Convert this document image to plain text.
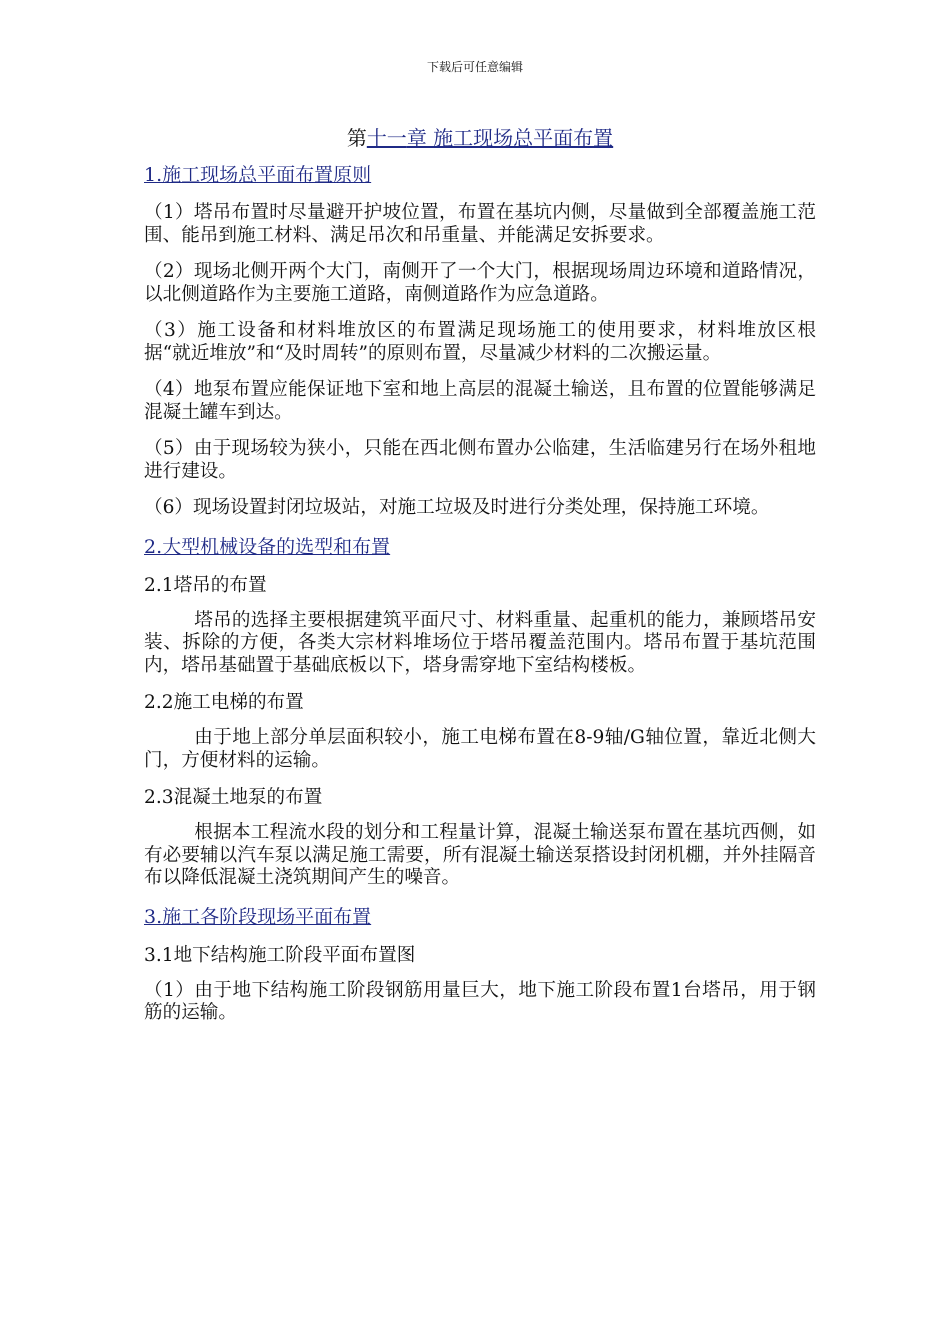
下载后可任意编辑
第十一章 施工现场总平面布置
1.施工现场总平面布置原则

（1）塔吊布置时尽量避开护坡位置，布置在基坑内侧，尽量做到全部覆盖施工范围、能吊到施工材料、满足吊次和吊重量、并能满足安拆要求。

（2）现场北侧开两个大门，南侧开了一个大门，根据现场周边环境和道路情况，以北侧道路作为主要施工道路，南侧道路作为应急道路。

（3）施工设备和材料堆放区的布置满足现场施工的使用要求，材料堆放区根据“就近堆放”和“及时周转”的原则布置，尽量减少材料的二次搬运量。

（4）地泵布置应能保证地下室和地上高层的混凝土输送，且布置的位置能够满足混凝土罐车到达。

（5）由于现场较为狭小，只能在西北侧布置办公临建，生活临建另行在场外租地进行建设。

（6）现场设置封闭垃圾站，对施工垃圾及时进行分类处理，保持施工环境。

2.大型机械设备的选型和布置
2.1塔吊的布置

塔吊的选择主要根据建筑平面尺寸、材料重量、起重机的能力，兼顾塔吊安装、拆除的方便，各类大宗材料堆场位于塔吊覆盖范围内。塔吊布置于基坑范围内，塔吊基础置于基础底板以下，塔身需穿地下室结构楼板。

2.2施工电梯的布置

由于地上部分单层面积较小，施工电梯布置在8-9轴/G轴位置，靠近北侧大门，方便材料的运输。

2.3混凝土地泵的布置

根据本工程流水段的划分和工程量计算，混凝土输送泵布置在基坑西侧，如有必要辅以汽车泵以满足施工需要，所有混凝土输送泵搭设封闭机棚，并外挂隔音布以降低混凝土浇筑期间产生的噪音。

3.施工各阶段现场平面布置
3.1地下结构施工阶段平面布置图

（1）由于地下结构施工阶段钢筋用量巨大，地下施工阶段布置1台塔吊，用于钢筋的运输。
